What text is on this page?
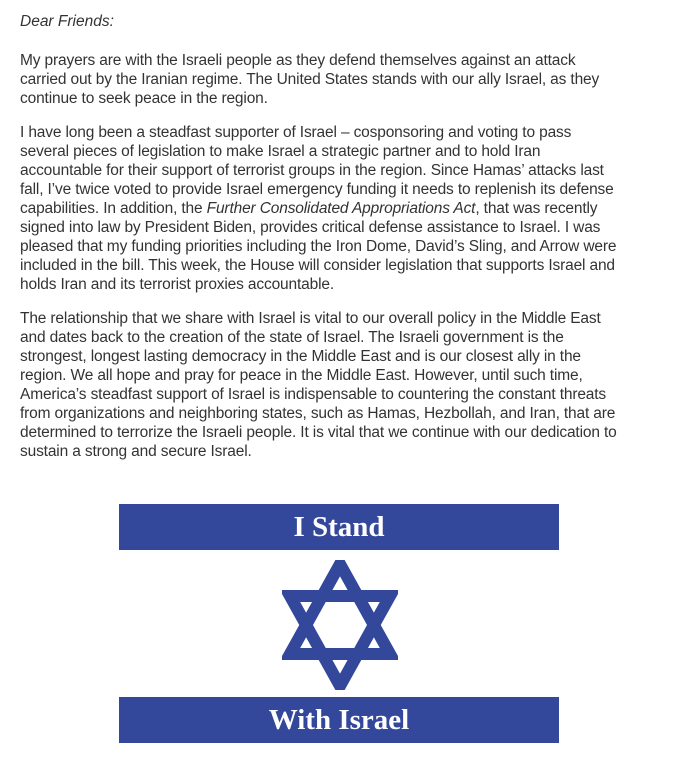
Dear Friends:
My prayers are with the Israeli people as they defend themselves against an attack
carried out by the Iranian regime. The United States stands with our ally Israel, as they
continue to seek peace in the region.
I have long been a steadfast supporter of Israel – cosponsoring and voting to pass
several pieces of legislation to make Israel a strategic partner and to hold Iran
accountable for their support of terrorist groups in the region. Since Hamas’ attacks last
fall, I’ve twice voted to provide Israel emergency funding it needs to replenish its defense
capabilities. In addition, the Further Consolidated Appropriations Act, that was recently
signed into law by President Biden, provides critical defense assistance to Israel. I was
pleased that my funding priorities including the Iron Dome, David’s Sling, and Arrow were
included in the bill. This week, the House will consider legislation that supports Israel and
holds Iran and its terrorist proxies accountable.
The relationship that we share with Israel is vital to our overall policy in the Middle East
and dates back to the creation of the state of Israel. The Israeli government is the
strongest, longest lasting democracy in the Middle East and is our closest ally in the
region. We all hope and pray for peace in the Middle East. However, until such time,
America’s steadfast support of Israel is indispensable to countering the constant threats
from organizations and neighboring states, such as Hamas, Hezbollah, and Iran, that are
determined to terrorize the Israeli people. It is vital that we continue with our dedication to
sustain a strong and secure Israel.
I Stand
With Israel
